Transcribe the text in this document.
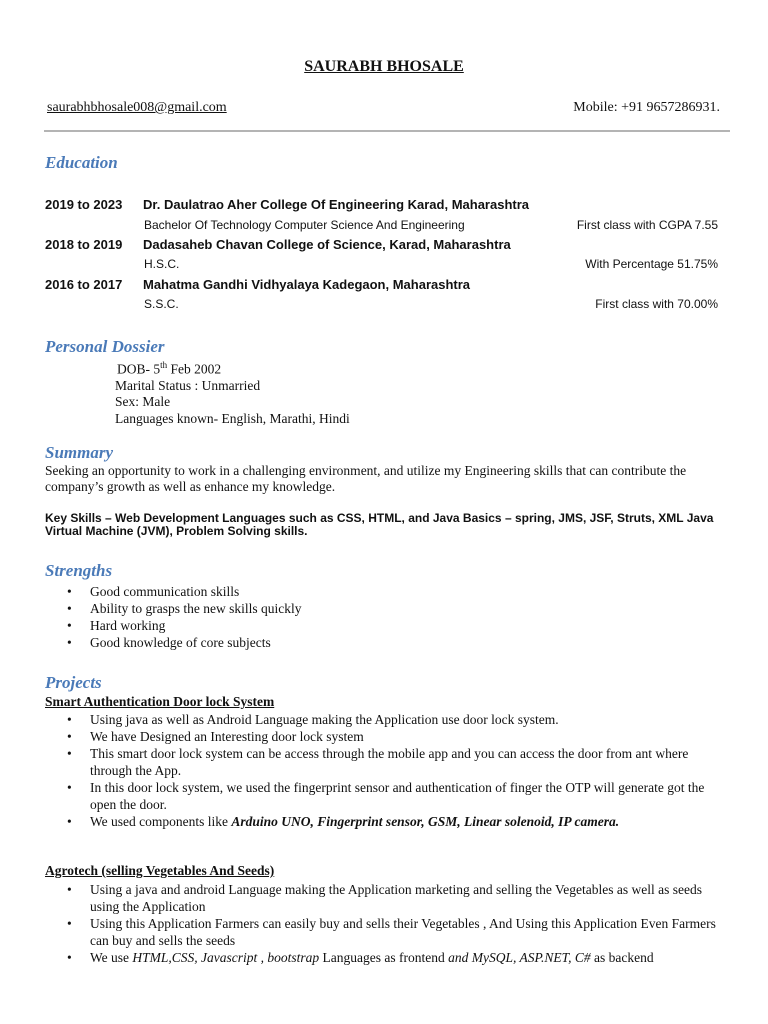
SAURABH BHOSALE
saurabhbhosale008@gmail.com	Mobile: +91 9657286931.
Education
2019 to 2023 Dr. Daulatrao Aher College Of Engineering Karad, Maharashtra
Bachelor Of Technology Computer Science And Engineering	First class with CGPA 7.55
2018 to 2019 Dadasaheb Chavan College of Science, Karad, Maharashtra
H.S.C.	With Percentage 51.75%
2016 to 2017 Mahatma Gandhi Vidhyalaya Kadegaon, Maharashtra
S.S.C.	First class with 70.00%
Personal Dossier
DOB- 5th Feb 2002
Marital Status : Unmarried
Sex: Male
Languages known- English, Marathi, Hindi
Summary
Seeking an opportunity to work in a challenging environment, and utilize my Engineering skills that can contribute the company’s growth as well as enhance my knowledge.
Key Skills – Web Development Languages such as CSS, HTML, and Java Basics – spring, JMS, JSF, Struts, XML Java Virtual Machine (JVM), Problem Solving skills.
Strengths
• Good communication skills
• Ability to grasps the new skills quickly
• Hard working
• Good knowledge of core subjects
Projects
Smart Authentication Door lock System
• Using java as well as Android Language making the Application use door lock system.
• We have Designed an Interesting door lock system
• This smart door lock system can be access through the mobile app and you can access the door from ant where through the App.
• In this door lock system, we used the fingerprint sensor and authentication of finger the OTP will generate got the open the door.
• We used components like Arduino UNO, Fingerprint sensor, GSM, Linear solenoid, IP camera.
Agrotech (selling Vegetables And Seeds)
• Using a java and android Language making the Application marketing and selling the Vegetables as well as seeds using the Application
• Using this Application Farmers can easily buy and sells their Vegetables , And Using this Application Even Farmers can buy and sells the seeds
• We use HTML,CSS, Javascript , bootstrap Languages as frontend and MySQL, ASP.NET, C# as backend
